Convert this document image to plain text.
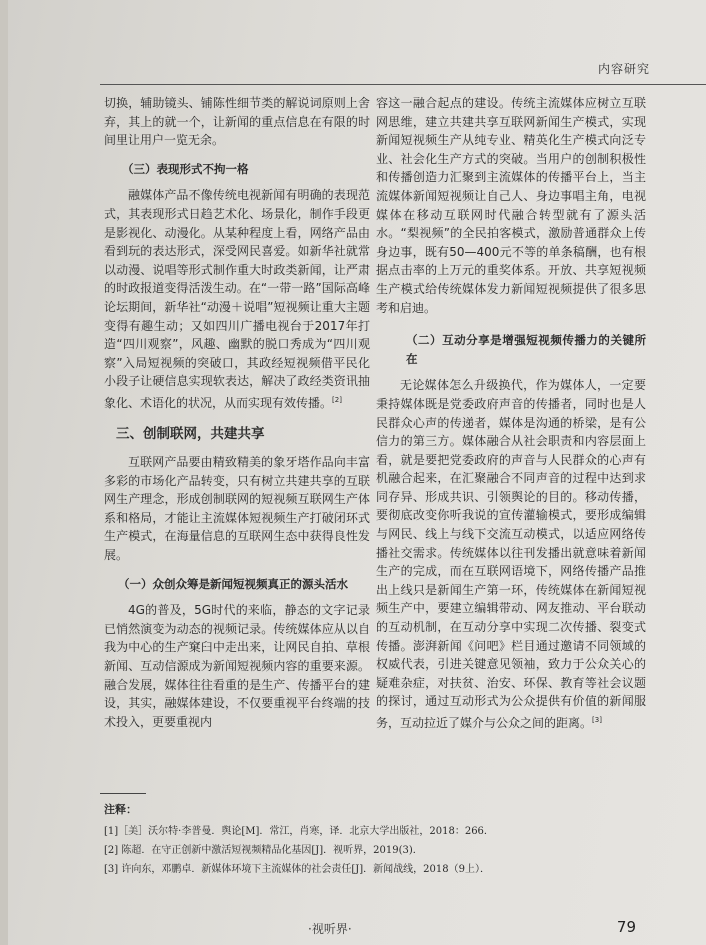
内容研究

切换，辅助镜头、铺陈性细节类的解说词原则上舍弃，其上的就一个，让新闻的重点信息在有限的时间里让用户一览无余。

（三）表现形式不拘一格

融媒体产品不像传统电视新闻有明确的表现范式，其表现形式日趋艺术化、场景化，制作手段更是影视化、动漫化。从某种程度上看，网络产品由看到玩的表达形式，深受网民喜爱。如新华社就常以动漫、说唱等形式制作重大时政类新闻，让严肃的时政报道变得活泼生动。在“一带一路”国际高峰论坛期间，新华社“动漫＋说唱”短视频让重大主题变得有趣生动；又如四川广播电视台于2017年打造“四川观察”，风趣、幽默的脱口秀成为“四川观察”入局短视频的突破口，其政经短视频借平民化小段子让硬信息实现软表达，解决了政经类资讯抽象化、术语化的状况，从而实现有效传播。[2]

三、创制联网，共建共享

互联网产品要由精致精美的象牙塔作品向丰富多彩的市场化产品转变，只有树立共建共享的互联网生产理念，形成创制联网的短视频互联网生产体系和格局，才能让主流媒体短视频生产打破闭环式生产模式，在海量信息的互联网生态中获得良性发展。

（一）众创众筹是新闻短视频真正的源头活水

4G的普及，5G时代的来临，静态的文字记录已悄然演变为动态的视频记录。传统媒体应从以自我为中心的生产窠臼中走出来，让网民自拍、草根新闻、互动信源成为新闻短视频内容的重要来源。融合发展，媒体往往看重的是生产、传播平台的建设，其实，融媒体建设，不仅要重视平台终端的技术投入，更要重视内

容这一融合起点的建设。传统主流媒体应树立互联网思维，建立共建共享互联网新闻生产模式，实现新闻短视频生产从纯专业、精英化生产模式向泛专业、社会化生产方式的突破。当用户的创制积极性和传播创造力汇聚到主流媒体的传播平台上，当主流媒体新闻短视频让自己人、身边事唱主角，电视媒体在移动互联网时代融合转型就有了源头活水。“梨视频”的全民拍客模式，激励普通群众上传身边事，既有50—400元不等的单条稿酬，也有根据点击率的上万元的重奖体系。开放、共享短视频生产模式给传统媒体发力新闻短视频提供了很多思考和启迪。

（二）互动分享是增强短视频传播力的关键所在

无论媒体怎么升级换代，作为媒体人，一定要秉持媒体既是党委政府声音的传播者，同时也是人民群众心声的传递者，媒体是沟通的桥梁，是有公信力的第三方。媒体融合从社会职责和内容层面上看，就是要把党委政府的声音与人民群众的心声有机融合起来，在汇聚融合不同声音的过程中达到求同存异、形成共识、引领舆论的目的。移动传播，要彻底改变你听我说的宣传灌输模式，要形成编辑与网民、线上与线下交流互动模式，以适应网络传播社交需求。传统媒体以往刊发播出就意味着新闻生产的完成，而在互联网语境下，网络传播产品推出上线只是新闻生产第一环，传统媒体在新闻短视频生产中，要建立编辑带动、网友推动、平台联动的互动机制，在互动分享中实现二次传播、裂变式传播。澎湃新闻《问吧》栏目通过邀请不同领域的权威代表，引进关键意见领袖，致力于公众关心的疑难杂症，对扶贫、治安、环保、教育等社会议题的探讨，通过互动形式为公众提供有价值的新闻服务，互动拉近了媒介与公众之间的距离。[3]

注释：
[1]［美］沃尔特·李普曼．舆论[M]．常江，肖寒，译．北京大学出版社，2018：266．
[2] 陈超．在守正创新中激活短视频精品化基因[J]．视听界，2019(3)．
[3] 许向东，邓鹏卓．新媒体环境下主流媒体的社会责任[J]．新闻战线，2018（9上）．
·视听界·	79
